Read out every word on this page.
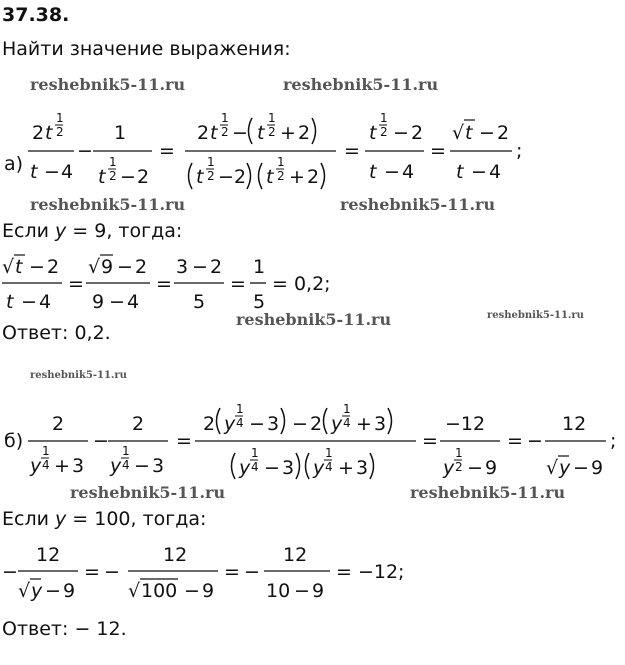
37.38.
Найти значение выражения:
reshebnik5-11.ru	reshebnik5-11.ru
reshebnik5-11.ru	reshebnik5-11.ru
reshebnik5-11.ru	reshebnik5-11.ru
reshebnik5-11.ru
reshebnik5-11.ru	reshebnik5-11.ru
а)
2 t
1
2
t − 4
−
1
t
1
2 − 2
=
2 t
1
2 − t
1
2 + 2
t
1
2 − 2 t
1
2 + 2
=
t
1
2 − 2
t − 4
=
√ t − 2
t − 4
;
Если y = 9, тогда:
√ t − 2
t − 4
=
√ 9 − 2
9 − 4
=
3 − 2
5
=
1
5
= 0,2;
Ответ: 0,2.
б)
2
y
1
4 + 3
−
2
y
1
4 − 3
=
2 y
1
4 − 3 − 2 y
1
4 + 3
y
1
4 − 3 y
1
4 + 3
=
−12
y
1
2 − 9
= −
12
√ y − 9
;
Если y = 100, тогда:
−
12
√ y − 9
= −
12
√ 100 − 9
= −
12
10 − 9
= −12;
Ответ: − 12.
